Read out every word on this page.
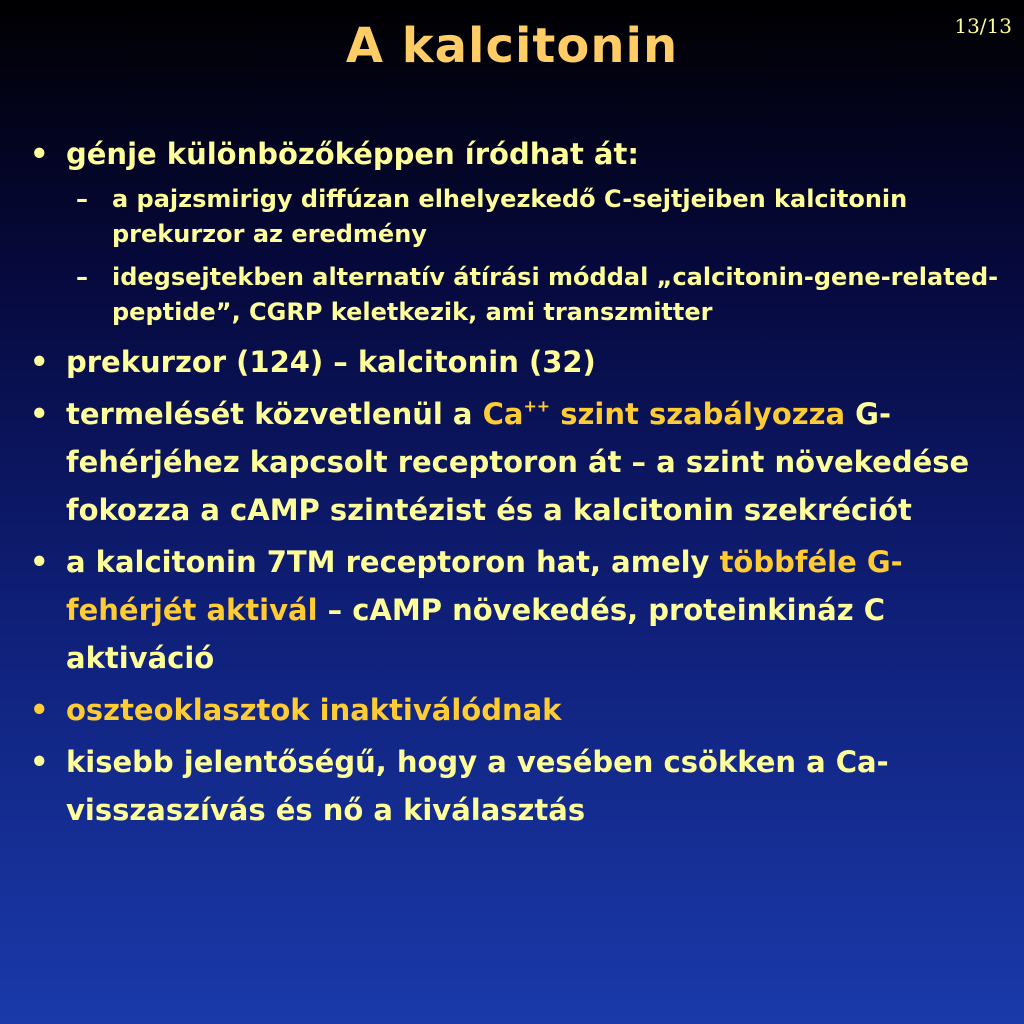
13/13
A kalcitonin
• génje különbözőképpen íródhat át:
– a pajzsmirigy diffúzan elhelyezkedő C-sejtjeiben kalcitonin prekurzor az eredmény
– idegsejtekben alternatív átírási móddal „calcitonin-gene-related-peptide”, CGRP keletkezik, ami transzmitter
• prekurzor (124) – kalcitonin (32)
• termelését közvetlenül a Ca++ szint szabályozza G-fehérjéhez kapcsolt receptoron át – a szint növekedése fokozza a cAMP szintézist és a kalcitonin szekréciót
• a kalcitonin 7TM receptoron hat, amely többféle G-fehérjét aktivál – cAMP növekedés, proteinkináz C aktiváció
• oszteoklasztok inaktiválódnak
• kisebb jelentőségű, hogy a vesében csökken a Ca-visszaszívás és nő a kiválasztás
